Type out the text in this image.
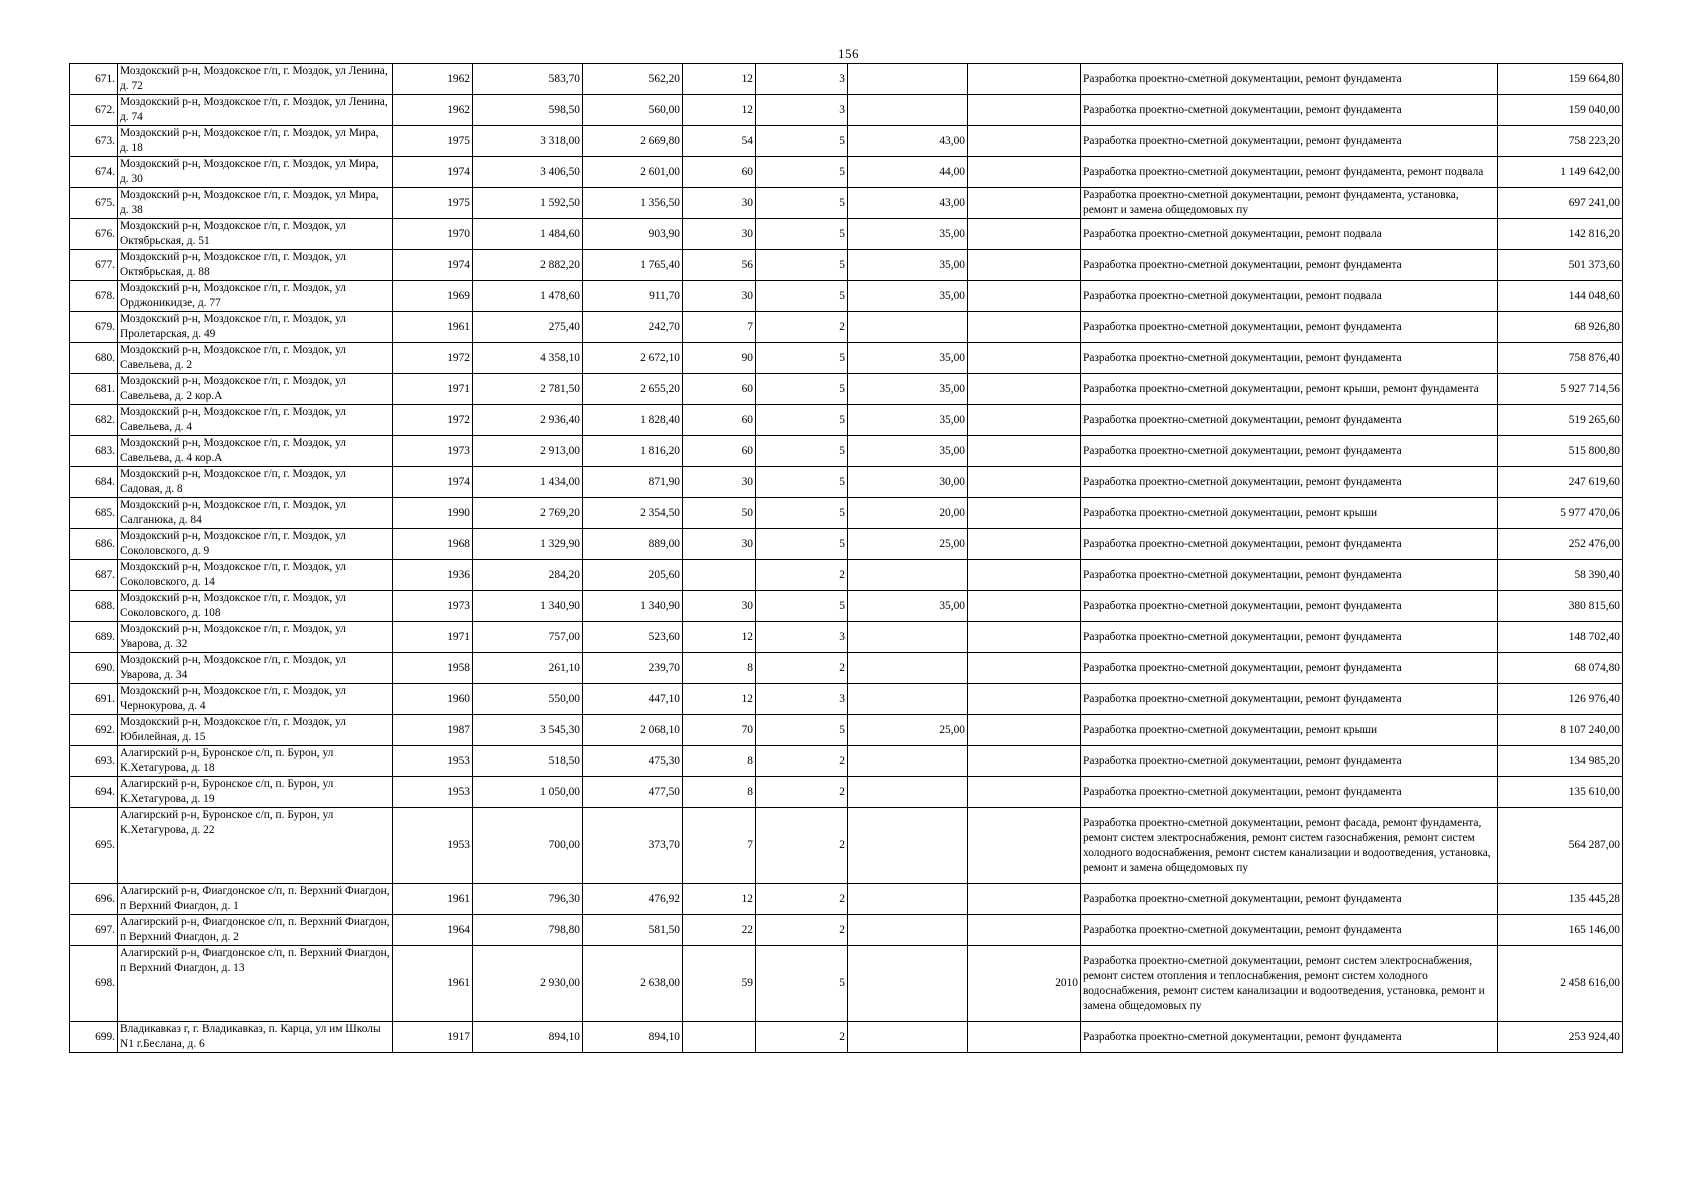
156
671.	Моздокский р-н, Моздокское г/п, г. Моздок, ул Ленина, д. 72	1962	583,70	562,20	12	3			Разработка проектно-сметной документации, ремонт фундамента	159 664,80
672.	Моздокский р-н, Моздокское г/п, г. Моздок, ул Ленина, д. 74	1962	598,50	560,00	12	3			Разработка проектно-сметной документации, ремонт фундамента	159 040,00
673.	Моздокский р-н, Моздокское г/п, г. Моздок, ул Мира, д. 18	1975	3 318,00	2 669,80	54	5	43,00		Разработка проектно-сметной документации, ремонт фундамента	758 223,20
674.	Моздокский р-н, Моздокское г/п, г. Моздок, ул Мира, д. 30	1974	3 406,50	2 601,00	60	5	44,00		Разработка проектно-сметной документации, ремонт фундамента, ремонт подвала	1 149 642,00
675.	Моздокский р-н, Моздокское г/п, г. Моздок, ул Мира, д. 38	1975	1 592,50	1 356,50	30	5	43,00		Разработка проектно-сметной документации, ремонт фундамента, установка, ремонт и замена общедомовых пу	697 241,00
676.	Моздокский р-н, Моздокское г/п, г. Моздок, ул Октябрьская, д. 51	1970	1 484,60	903,90	30	5	35,00		Разработка проектно-сметной документации, ремонт подвала	142 816,20
677.	Моздокский р-н, Моздокское г/п, г. Моздок, ул Октябрьская, д. 88	1974	2 882,20	1 765,40	56	5	35,00		Разработка проектно-сметной документации, ремонт фундамента	501 373,60
678.	Моздокский р-н, Моздокское г/п, г. Моздок, ул Орджоникидзе, д. 77	1969	1 478,60	911,70	30	5	35,00		Разработка проектно-сметной документации, ремонт подвала	144 048,60
679.	Моздокский р-н, Моздокское г/п, г. Моздок, ул Пролетарская, д. 49	1961	275,40	242,70	7	2			Разработка проектно-сметной документации, ремонт фундамента	68 926,80
680.	Моздокский р-н, Моздокское г/п, г. Моздок, ул Савельева, д. 2	1972	4 358,10	2 672,10	90	5	35,00		Разработка проектно-сметной документации, ремонт фундамента	758 876,40
681.	Моздокский р-н, Моздокское г/п, г. Моздок, ул Савельева, д. 2 кор.А	1971	2 781,50	2 655,20	60	5	35,00		Разработка проектно-сметной документации, ремонт крыши, ремонт фундамента	5 927 714,56
682.	Моздокский р-н, Моздокское г/п, г. Моздок, ул Савельева, д. 4	1972	2 936,40	1 828,40	60	5	35,00		Разработка проектно-сметной документации, ремонт фундамента	519 265,60
683.	Моздокский р-н, Моздокское г/п, г. Моздок, ул Савельева, д. 4 кор.А	1973	2 913,00	1 816,20	60	5	35,00		Разработка проектно-сметной документации, ремонт фундамента	515 800,80
684.	Моздокский р-н, Моздокское г/п, г. Моздок, ул Садовая, д. 8	1974	1 434,00	871,90	30	5	30,00		Разработка проектно-сметной документации, ремонт фундамента	247 619,60
685.	Моздокский р-н, Моздокское г/п, г. Моздок, ул Салганюка, д. 84	1990	2 769,20	2 354,50	50	5	20,00		Разработка проектно-сметной документации, ремонт крыши	5 977 470,06
686.	Моздокский р-н, Моздокское г/п, г. Моздок, ул Соколовского, д. 9	1968	1 329,90	889,00	30	5	25,00		Разработка проектно-сметной документации, ремонт фундамента	252 476,00
687.	Моздокский р-н, Моздокское г/п, г. Моздок, ул Соколовского, д. 14	1936	284,20	205,60		2			Разработка проектно-сметной документации, ремонт фундамента	58 390,40
688.	Моздокский р-н, Моздокское г/п, г. Моздок, ул Соколовского, д. 108	1973	1 340,90	1 340,90	30	5	35,00		Разработка проектно-сметной документации, ремонт фундамента	380 815,60
689.	Моздокский р-н, Моздокское г/п, г. Моздок, ул Уварова, д. 32	1971	757,00	523,60	12	3			Разработка проектно-сметной документации, ремонт фундамента	148 702,40
690.	Моздокский р-н, Моздокское г/п, г. Моздок, ул Уварова, д. 34	1958	261,10	239,70	8	2			Разработка проектно-сметной документации, ремонт фундамента	68 074,80
691.	Моздокский р-н, Моздокское г/п, г. Моздок, ул Чернокурова, д. 4	1960	550,00	447,10	12	3			Разработка проектно-сметной документации, ремонт фундамента	126 976,40
692.	Моздокский р-н, Моздокское г/п, г. Моздок, ул Юбилейная, д. 15	1987	3 545,30	2 068,10	70	5	25,00		Разработка проектно-сметной документации, ремонт крыши	8 107 240,00
693.	Алагирский р-н, Буронское с/п, п. Бурон, ул К.Хетагурова, д. 18	1953	518,50	475,30	8	2			Разработка проектно-сметной документации, ремонт фундамента	134 985,20
694.	Алагирский р-н, Буронское с/п, п. Бурон, ул К.Хетагурова, д. 19	1953	1 050,00	477,50	8	2			Разработка проектно-сметной документации, ремонт фундамента	135 610,00
695.	Алагирский р-н, Буронское с/п, п. Бурон, ул К.Хетагурова, д. 22	1953	700,00	373,70	7	2			Разработка проектно-сметной документации, ремонт фасада, ремонт фундамента, ремонт систем электроснабжения, ремонт систем газоснабжения, ремонт систем холодного водоснабжения, ремонт систем канализации и водоотведения, установка, ремонт и замена общедомовых пу	564 287,00
696.	Алагирский р-н, Фиагдонское с/п, п. Верхний Фиагдон, п Верхний Фиагдон, д. 1	1961	796,30	476,92	12	2			Разработка проектно-сметной документации, ремонт фундамента	135 445,28
697.	Алагирский р-н, Фиагдонское с/п, п. Верхний Фиагдон, п Верхний Фиагдон, д. 2	1964	798,80	581,50	22	2			Разработка проектно-сметной документации, ремонт фундамента	165 146,00
698.	Алагирский р-н, Фиагдонское с/п, п. Верхний Фиагдон, п Верхний Фиагдон, д. 13	1961	2 930,00	2 638,00	59	5		2010	Разработка проектно-сметной документации, ремонт систем электроснабжения, ремонт систем отопления и теплоснабжения, ремонт систем холодного водоснабжения, ремонт систем канализации и водоотведения, установка, ремонт и замена общедомовых пу	2 458 616,00
699.	Владикавказ г, г. Владикавказ, п. Карца, ул им Школы N1 г.Беслана, д. 6	1917	894,10	894,10		2			Разработка проектно-сметной документации, ремонт фундамента	253 924,40
